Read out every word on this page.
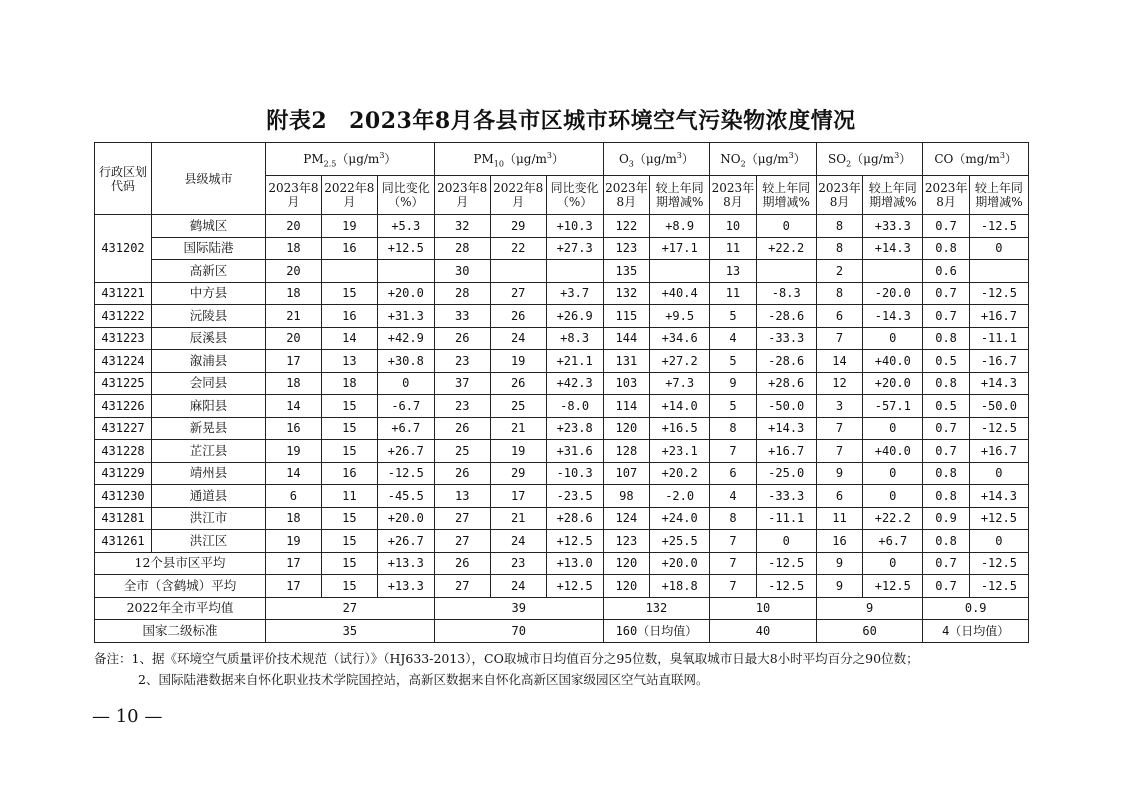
附表2 2023年8月各县市区城市环境空气污染物浓度情况
行政区划代码	县级城市	$PM_{2.5}(\mu g/m^3)$			$PM_{10}(\mu g/m^3)$			$O_3(\mu g/m^3)$		$NO_2(\mu g/m^3)$		$SO_2(\mu g/m^3)$		$CO(mg/m^3)$	
		2023年8月	2022年8月	同比变化（%）	2023年8月	2022年8月	同比变化（%）	2023年8月	较上年同期增减%	2023年8月	较上年同期增减%	2023年8月	较上年同期增减%	2023年8月	较上年同期增减%
431202	鹤城区	20	19	+5.3	32	29	+10.3	122	+8.9	10	0	8	+33.3	0.7	-12.5
	国际陆港	18	16	+12.5	28	22	+27.3	123	+17.1	11	+22.2	8	+14.3	0.8	0
	高新区	20			30			135		13		2		0.6	
431221	中方县	18	15	+20.0	28	27	+3.7	132	+40.4	11	-8.3	8	-20.0	0.7	-12.5
431222	沅陵县	21	16	+31.3	33	26	+26.9	115	+9.5	5	-28.6	6	-14.3	0.7	+16.7
431223	辰溪县	20	14	+42.9	26	24	+8.3	144	+34.6	4	-33.3	7	0	0.8	-11.1
431224	溆浦县	17	13	+30.8	23	19	+21.1	131	+27.2	5	-28.6	14	+40.0	0.5	-16.7
431225	会同县	18	18	0	37	26	+42.3	103	+7.3	9	+28.6	12	+20.0	0.8	+14.3
431226	麻阳县	14	15	-6.7	23	25	-8.0	114	+14.0	5	-50.0	3	-57.1	0.5	-50.0
431227	新晃县	16	15	+6.7	26	21	+23.8	120	+16.5	8	+14.3	7	0	0.7	-12.5
431228	芷江县	19	15	+26.7	25	19	+31.6	128	+23.1	7	+16.7	7	+40.0	0.7	+16.7
431229	靖州县	14	16	-12.5	26	29	-10.3	107	+20.2	6	-25.0	9	0	0.8	0
431230	通道县	6	11	-45.5	13	17	-23.5	98	-2.0	4	-33.3	6	0	0.8	+14.3
431281	洪江市	18	15	+20.0	27	21	+28.6	124	+24.0	8	-11.1	11	+22.2	0.9	+12.5
431261	洪江区	19	15	+26.7	27	24	+12.5	123	+25.5	7	0	16	+6.7	0.8	0
12个县市区平均		17	15	+13.3	26	23	+13.0	120	+20.0	7	-12.5	9	0	0.7	-12.5
全市（含鹤城）平均		17	15	+13.3	27	24	+12.5	120	+18.8	7	-12.5	9	+12.5	0.7	-12.5
2022年全市平均值		27			39			132		10		9		0.9	
国家二级标准		35			70			160（日均值）		40		60		4（日均值）	
备注：1、据《环境空气质量评价技术规范（试行）》（HJ633-2013），CO取城市日均值百分之95位数，臭氧取城市日最大8小时平均百分之90位数；
2、国际陆港数据来自怀化职业技术学院国控站，高新区数据来自怀化高新区国家级园区空气站直联网。
— 10 —
